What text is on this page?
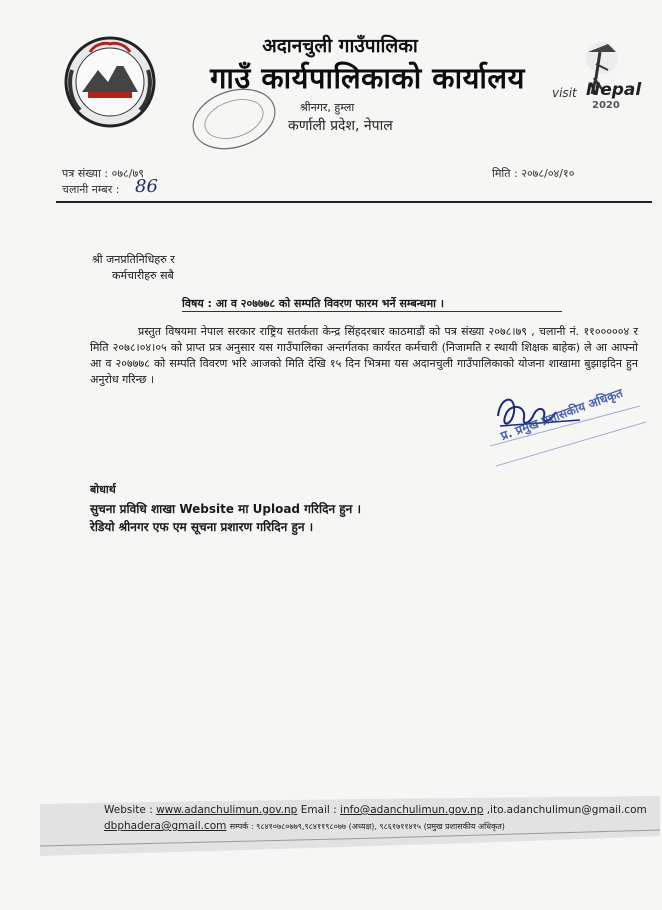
visit Nepal
2020
अदानचुली गाउँपालिका
गाउँ कार्यपालिकाको कार्यालय
श्रीनगर, हुम्ला
कर्णाली प्रदेश, नेपाल
पत्र संख्या : ०७८/७९
चलानी नम्बर : 86
मिति : २०७८/०४/१०
श्री जनप्रतिनिधिहरु र
कर्मचारीहरु सबै
विषय : आ व २०७७७८ को सम्पति विवरण फारम भर्ने सम्बन्धमा ।
प्रस्तुत विषयमा नेपाल सरकार राष्ट्रिय सतर्कता केन्द्र सिंहदरबार काठमाडौं को पत्र संख्या २०७८।७९ , चलानी नं. ११०००००४ र मिति २०७८।०४।०५ को प्राप्त प्रत्र अनुसार यस गाउँपालिका अन्तर्गतका कार्यरत कर्मचारी (निजामति र स्थायी शिक्षक बाहेक) ले आ आफ्नो आ व २०७७७८ को सम्पति विवरण भरि आजको मिति देखि १५ दिन भित्रमा यस अदानचुली गाउँपालिकाको योजना शाखामा बुझाइदिन हुन अनुरोध गरिन्छ ।
प्र. प्रमुख प्रशासकीय अधिकृत
बोधार्थ
सुचना प्रविधि शाखा Website मा Upload गरिदिन हुन ।
रेडियो श्रीनगर एफ एम सूचना प्रशारण गरिदिन हुन ।
Website : www.adanchulimun.gov.np Email : info@adanchulimun.gov.np ,ito.adanchulimun@gmail.com
dbphadera@gmail.com सम्पर्क : ९८४१०७८०७७९,९८४११९८०७७ (अध्यक्ष), ९८६१७११४१५ (प्रमुख प्रशासकीय अधिकृत)
